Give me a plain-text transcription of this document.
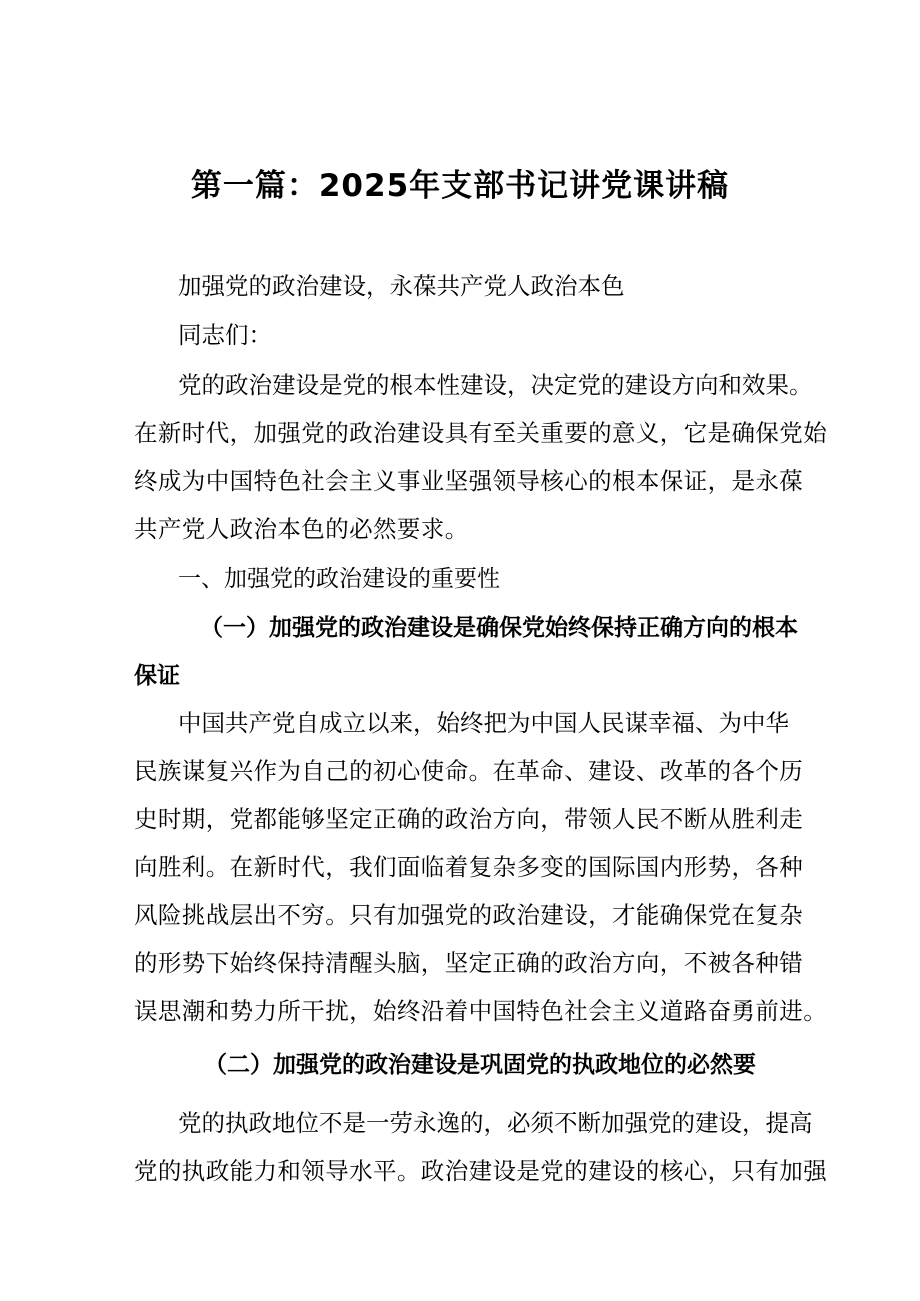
第一篇：2025年支部书记讲党课讲稿
加强党的政治建设，永葆共产党人政治本色
同志们：
党的政治建设是党的根本性建设，决定党的建设方向和效果。
在新时代，加强党的政治建设具有至关重要的意义，它是确保党始
终成为中国特色社会主义事业坚强领导核心的根本保证，是永葆
共产党人政治本色的必然要求。
一、加强党的政治建设的重要性
（一）加强党的政治建设是确保党始终保持正确方向的根本
保证
中国共产党自成立以来，始终把为中国人民谋幸福、为中华
民族谋复兴作为自己的初心使命。在革命、建设、改革的各个历
史时期，党都能够坚定正确的政治方向，带领人民不断从胜利走
向胜利。在新时代，我们面临着复杂多变的国际国内形势，各种
风险挑战层出不穷。只有加强党的政治建设，才能确保党在复杂
的形势下始终保持清醒头脑，坚定正确的政治方向，不被各种错
误思潮和势力所干扰，始终沿着中国特色社会主义道路奋勇前进。
（二）加强党的政治建设是巩固党的执政地位的必然要
党的执政地位不是一劳永逸的，必须不断加强党的建设，提高
党的执政能力和领导水平。政治建设是党的建设的核心，只有加强
